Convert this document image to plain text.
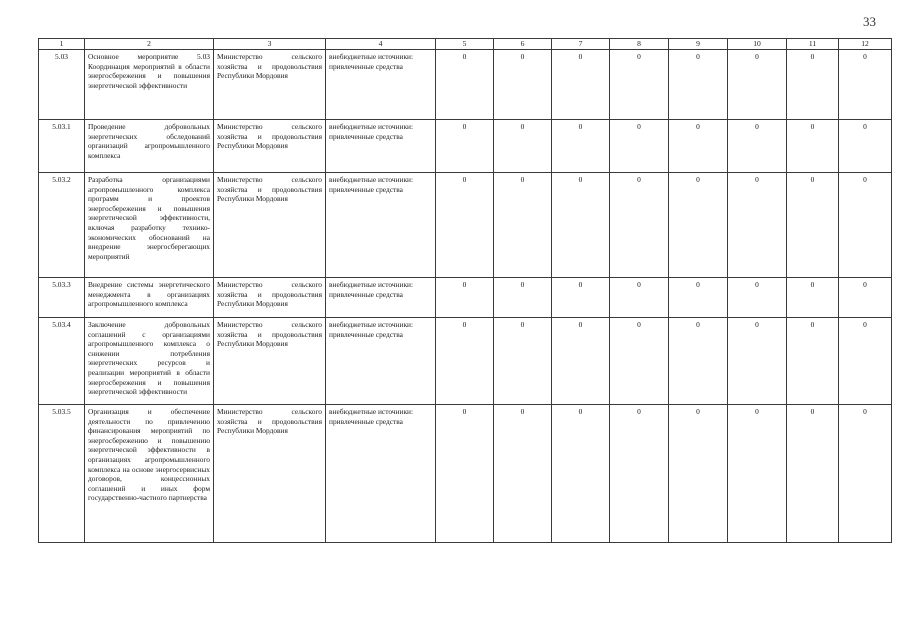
33
1	2	3	4	5	6	7	8	9	10	11	12
5.03	Основное мероприятие 5.03 Координация мероприятий в области энергосбережения и повышения энергетической эффективности	Министерство сельского хозяйства и продовольствия Республики Мордовия	внебюджетные источники: привлеченные средства	0	0	0	0	0	0	0	0
5.03.1	Проведение добровольных энергетических обследований организаций агропромышленного комплекса	Министерство сельского хозяйства и продовольствия Республики Мордовия	внебюджетные источники: привлеченные средства	0	0	0	0	0	0	0	0
5.03.2	Разработка организациями агропромышленного комплекса программ и проектов энергосбережения и повышения энергетической эффективности, включая разработку технико-экономических обоснований на внедрение энергосберегающих мероприятий	Министерство сельского хозяйства и продовольствия Республики Мордовия	внебюджетные источники: привлеченные средства	0	0	0	0	0	0	0	0
5.03.3	Внедрение системы энергетического менеджмента в организациях агропромышленного комплекса	Министерство сельского хозяйства и продовольствия Республики Мордовия	внебюджетные источники: привлеченные средства	0	0	0	0	0	0	0	0
5.03.4	Заключение добровольных соглашений с организациями агропромышленного комплекса о снижении потребления энергетических ресурсов и реализации мероприятий в области энергосбережения и повышения энергетической эффективности	Министерство сельского хозяйства и продовольствия Республики Мордовия	внебюджетные источники: привлеченные средства	0	0	0	0	0	0	0	0
5.03.5	Организация и обеспечение деятельности по привлечению финансирования мероприятий по энергосбережению и повышению энергетической эффективности в организациях агропромышленного комплекса на основе энергосервисных договоров, концессионных соглашений и иных форм государственно-частного партнерства	Министерство сельского хозяйства и продовольствия Республики Мордовия	внебюджетные источники: привлеченные средства	0	0	0	0	0	0	0	0
